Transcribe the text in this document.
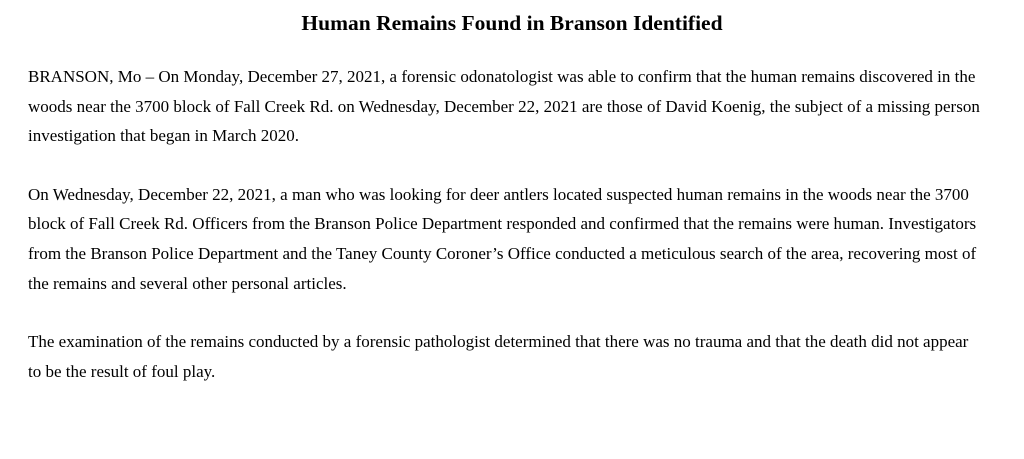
Human Remains Found in Branson Identified

BRANSON, Mo – On Monday, December 27, 2021, a forensic odonatologist was able to confirm that the human remains discovered in the woods near the 3700 block of Fall Creek Rd. on Wednesday, December 22, 2021 are those of David Koenig, the subject of a missing person investigation that began in March 2020.

On Wednesday, December 22, 2021, a man who was looking for deer antlers located suspected human remains in the woods near the 3700 block of Fall Creek Rd. Officers from the Branson Police Department responded and confirmed that the remains were human. Investigators from the Branson Police Department and the Taney County Coroner’s Office conducted a meticulous search of the area, recovering most of the remains and several other personal articles.

The examination of the remains conducted by a forensic pathologist determined that there was no trauma and that the death did not appear to be the result of foul play.
